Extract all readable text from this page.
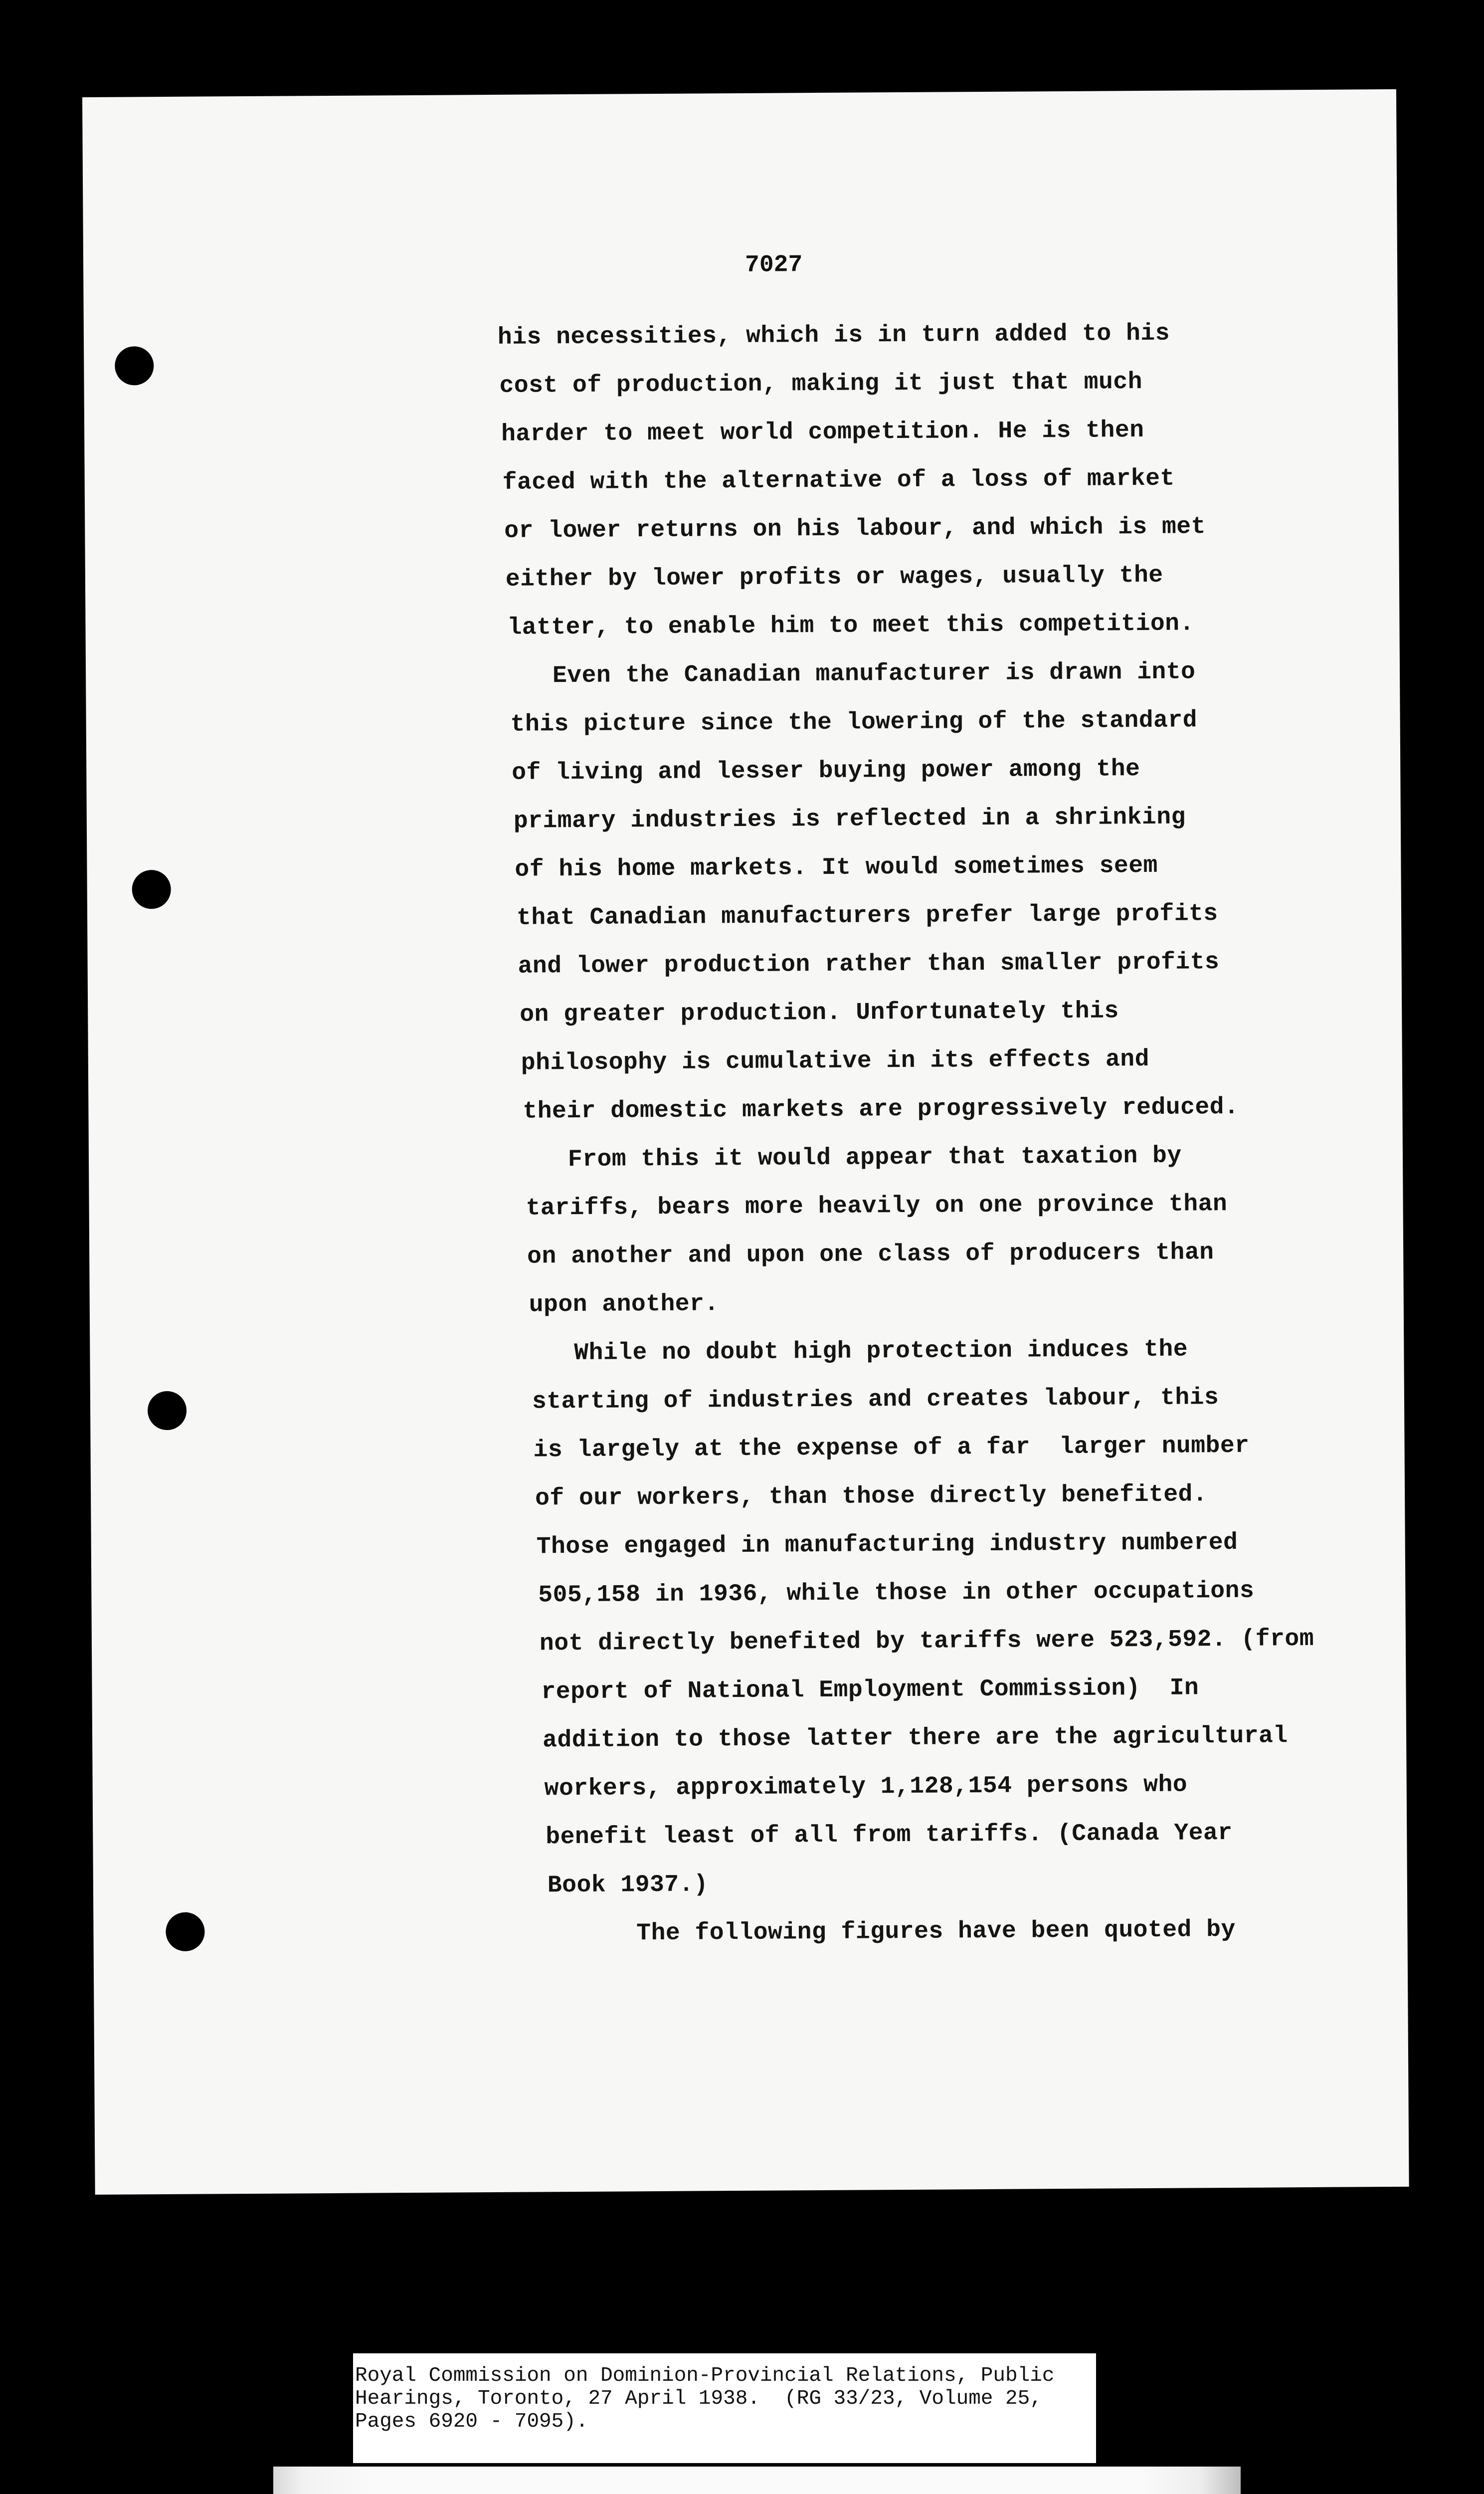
7027
his necessities, which is in turn added to his
cost of production, making it just that much
harder to meet world competition. He is then
faced with the alternative of a loss of market
or lower returns on his labour, and which is met
either by lower profits or wages, usually the
latter, to enable him to meet this competition.
Even the Canadian manufacturer is drawn into
this picture since the lowering of the standard
of living and lesser buying power among the
primary industries is reflected in a shrinking
of his home markets. It would sometimes seem
that Canadian manufacturers prefer large profits
and lower production rather than smaller profits
on greater production. Unfortunately this
philosophy is cumulative in its effects and
their domestic markets are progressively reduced.
From this it would appear that taxation by
tariffs, bears more heavily on one province than
on another and upon one class of producers than
upon another.
While no doubt high protection induces the
starting of industries and creates labour, this
is largely at the expense of a far  larger number
of our workers, than those directly benefited.
Those engaged in manufacturing industry numbered
505,158 in 1936, while those in other occupations
not directly benefited by tariffs were 523,592. (from
report of National Employment Commission)  In
addition to those latter there are the agricultural
workers, approximately 1,128,154 persons who
benefit least of all from tariffs. (Canada Year
Book 1937.)
The following figures have been quoted by
Royal Commission on Dominion-Provincial Relations, Public
Hearings, Toronto, 27 April 1938.  (RG 33/23, Volume 25,
Pages 6920 - 7095).
